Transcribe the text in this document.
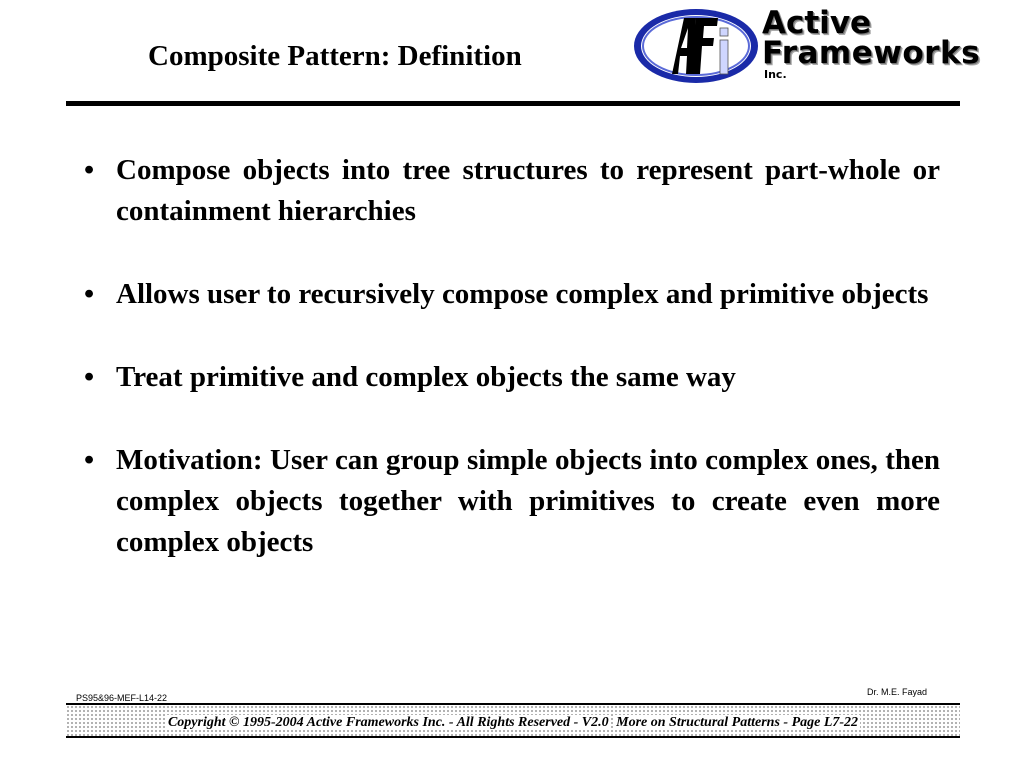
Composite Pattern: Definition
Active
Frameworks
Inc.
• Compose objects into tree structures to represent part-whole or containment hierarchies
• Allows user to recursively compose complex and primitive objects
• Treat primitive and complex objects the same way
• Motivation: User can group simple objects into complex ones, then complex objects together with primitives to create even more complex objects
PS95&96-MEF-L14-22
Dr. M.E. Fayad
Copyright © 1995-2004 Active Frameworks Inc. - All Rights Reserved - V2.0 More on Structural Patterns - Page L7-22
